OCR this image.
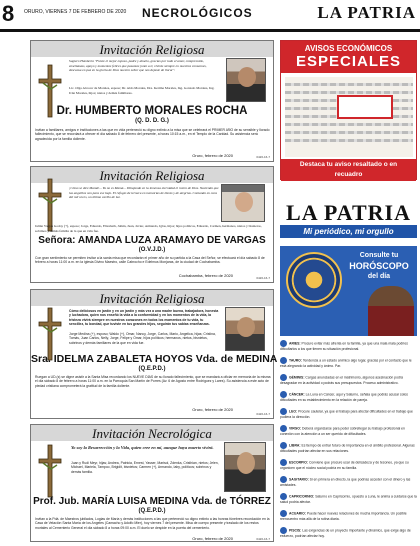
8 ORURO, VIERNES 7 DE FEBRERO DE 2020 NECROLÓGICOS	LA PATRIA
Invitación Religiosa
Sugiero Humberto "Fuiste el mejor esposo, padre y abuelo, gracias por todo el amor, comprensión, enseñanzas, apoyo y momentos felices que pasamos junto a ti, vivirás siempre en nuestros corazones, descansa en paz en la gloria de Dios nuestro señor que nos dejaste de llorar".
Lic. Olga Alcocer de Morales, esposa; Dr. Aldo Morales, Dra. Kerima Morales, Ing. Gonzalo Morales, Ing. Iván Morales, hijos; nietos y demás familiares.
Dr. HUMBERTO MORALES ROCHA
(Q. D. D. G.)
Invitan a familiares, amigos e instituciones a las que en vida perteneció su digno extinto a la misa que se celebrará el PRIMER AÑO de su sensible y llorado fallecimiento, que se recordará a ofrecer el día sabado 8 de febrero del presente, a horas 10:15 a.m., en el Templo de la Caridad. Su asistencia será agradecida por la familia doliente.
Oruro, febrero de 2020	0426-16-7
Invitación Religiosa
¡Cómo se dice Mamá!... Ya no es Mamá... Dibujando en la inmensa eternidad el rostro de Dios. Naciendo que las angelitos son para ese bajo. El refugio de ternura en memorias de llanto y de alegrías. Contando en cara del mil veces, un último cariño de luz.
Julián Vargas Godoy (+), esposo; Jorge, Eduardo, Elizabeth, Julián, Juan, Javier, Armando, Iglas, hijos; hijos políticos, Eduardo, Carmen, hermanos, nietos y bisnietos, sobrinos y demás familia de la que en vida fue.
Señora: AMANDA LUZA ARAMAYO DE VARGAS
(O.V.J.D.)
Con gran sentimiento se permiten invitar a la santa misa que recordarán el primer año de su partida a la Casa del Señor, se efectuará el día sabado 8 de febrero a horas 11:00 a.m. en la iglesia Divino Maestro, calle Cabrocho e Edelmus Monjaras, de la ciudad de Cochabamba.
Cochabamba, febrero de 2020	0426-16-7
Invitación Religiosa
Cómo deliciosos en jardín y en un jardín y más vez a una madre buena, trabajadora, honesta y luchadora, quien nos enseñó la vida a la conformidad y en los momentos de la vida, la tristeza vivirá siempre en nuestros corazones en todos los momentos de tu vida, tu sencillez, tu bondad, que tuviste en tus grandes hijos, seguirán tus sabias enseñanzas.
Jorge Medina (+), esposo; Waldo (+), Omar, Nancy, Jorge, Carlos, Mario, Angelica, hijas; Cristina, Tomás, Juan Carlos, Nelly, Jorge, Felipe y Omar, hijos políticos; hermanos, nietos, bisnietos, sobrinos y demás familiares de la que en vida fue.
Sra. IDELMA ZABALETA HOYOS Vda. de MEDINA
(Q.E.P.D.)
Ruegan a UD.(s) se digne asistir a la Santa Misa recordando los NUEVE DÍAS de su llorado fallecimiento, que se mandará a oficiar en memoria de la misma el día sábado 8 de febrero a horas 11:00 a.m. en la Parroquia San Martín de Porres (Av. 6 de Agosto entre Rodríguez y Lares). Su asistencia a este acto de piedad cristiana comprometerá la gratitud de la familia doliente.
Oruro, febrero de 2020
0426-16-7
Invitación Necrológica
Yo soy la Resurrección y la Vida, quien cree en mí, aunque haya muerto vivirá.
Juan y Rudi Meyr, hijas; Andrea, Patricia, Ernest, Yasser, Marisol, Zdenka, Cristhian, nietos; Jelen, Michael, Mariela, Tampoo, Brigidit, bisnietos; Carmen (+), Armando, Iaby, políticos; sobrinos y demás familia.
Prof. Jub. MARÍA LUISA MEDINA Vda. de TÓRREZ
(Q.E.P.D.)
Invitan a la Pdá. de Maestros jubilados, Logias de María y demás instituciones a las que perteneció su digno extinto a las honras fúnebres recordación en la Casa de Velación Santa María de los Angeles (Camacho y Adolfo Mier), hoy viernes 7 del presente. Misa de cuerpo presente y traslado de los restos mortales al Cementerio General el día sábado 8 a horas 09:00 a.m. El duelo se despide en la puerta del cementerio.
Oruro, febrero de 2020	0426-16-7
AVISOS ECONÓMICOS
ESPECIALES
Destaca tu aviso resaltado o en recuadro
LA PATRIA
Mi periódico, mi orgullo
Consulte tu
HORÓSCOPO
del día
ARIES: Procure evitar más afrenta en la familia, ya que una mala mala podríes dificultarlos a los que tienen su situación profesional.
TAURO: Tendencia a un estado anímico algo lugar, gracias por el contacto que le está alegrando la actividad y ánimo. Par.
GÉMINIS: Cargas anunciadas en el matrimonio, algunos asesinación podrá desagradar en la actividad o podrás sus presupuestos. Proceso administrativo.
CÁNCER: La Luna en Cáncer, aquí y Saturno, señala que podrás acusar solos dificultades en su establecimiento en la relación de pareja.
LEO: Procure cautelar, ya que el trabajo para afectar dificultades en el trabajo que pudiera la dirección.
VIRGO: Deberá organizarse para poder sobrellegar su trabajo profesional en conexión con la atención a un ser querido de dificultades.
LIBRA: Es tiempo de entrar futuro de importancia en el ámbito profesional. Algunas dificultades podrían afectar en sus relaciones.
ESCORPIO: Conviene que procure usar de delicadeza y de tesoneo, ya que su organicen que el núcleo social podría en su familia.
SAGITARIO: Si en primera en directo, la que podrías acceder con el dinero y las amistades.
CAPRICORNIO: Saturno en Capricornio, opuesto a Luna, le anima a cuidarse que la salud podría afectar.
ACUARIO: Puede hacer nuevas relaciones de mucha importancia. Un posible reencuentro más allá de la rutina diaria.
PISCIS: Las exigencias de un proyecto importante y dinámico, que exige algo de esfuerzo, podrían afectar hoy.
